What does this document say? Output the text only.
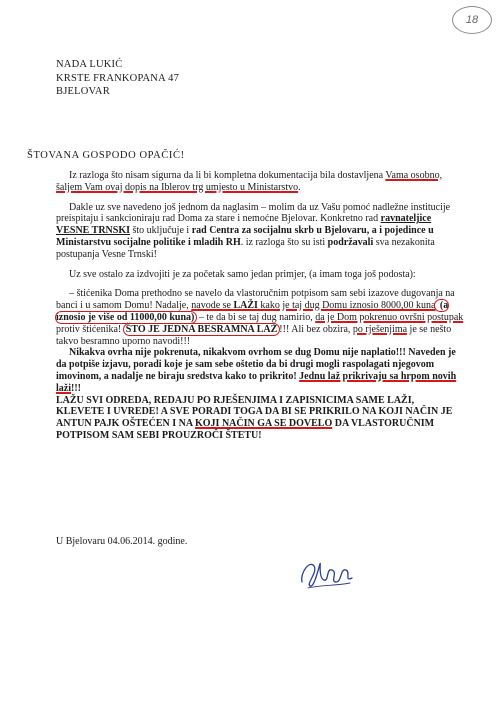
18
NADA LUKIĆ
KRSTE FRANKOPANA 47
BJELOVAR
ŠTOVANA GOSPODO OPAČIĆ!

Iz razloga što nisam sigurna da li bi kompletna dokumentacija bila dostavljena Vama osobno, šaljem Vam ovaj dopis na Iblerov trg umjesto u Ministarstvo.

Dakle uz sve navedeno još jednom da naglasim – molim da uz Vašu pomoć nadležne institucije preispitaju i sankcioniraju rad Doma za stare i nemoćne Bjelovar. Konkretno rad ravnateljice VESNE TRNSKI što uključuje i rad Centra za socijalnu skrb u Bjelovaru, a i pojedince u Ministarstvu socijalne politike i mladih RH. iz razloga što su isti podržavali sva nezakonita postupanja Vesne Trnski!

Uz sve ostalo za izdvojiti je za početak samo jedan primjer, (a imam toga još podosta):

– štićenika Doma prethodno se navelo da vlastoručnim potpisom sam sebi izazove dugovanja na banci i u samom Domu! Nadalje, navode se LAŽI kako je taj dug Domu iznosio 8000,00 kuna (a iznosio je više od 11000,00 kuna) – te da bi se taj dug namirio, da je Dom pokrenuo ovršni postupak protiv štićenika! ŠTO JE JEDNA BESRAMNA LAŽ !!! Ali bez obzira, po rješenjima je se nešto takvo besramno uporno navodi!!!

Nikakva ovrha nije pokrenuta, nikakvom ovrhom se dug Domu nije naplatio!!! Naveden je da potpiše izjavu, poradi koje je sam sebe oštetio da bi drugi mogli raspolagati njegovom imovinom, a nadalje ne biraju sredstva kako to prikrito! Jednu laž prikrivaju sa hrpom novih laži!!!

LAŽU SVI ODREDA, REDAJU PO RJEŠENJIMA I ZAPISNICIMA SAME LAŽI, KLEVETE I UVREDE! A SVE PORADI TOGA DA BI SE PRIKRILO NA KOJI NAČIN JE ANTUN PAJK OŠTEĆEN I NA KOJI NAČIN GA SE DOVELO DA VLASTORUČNIM POTPISOM SAM SEBI PROUZROČI ŠTETU!

U Bjelovaru 04.06.2014. godine.
